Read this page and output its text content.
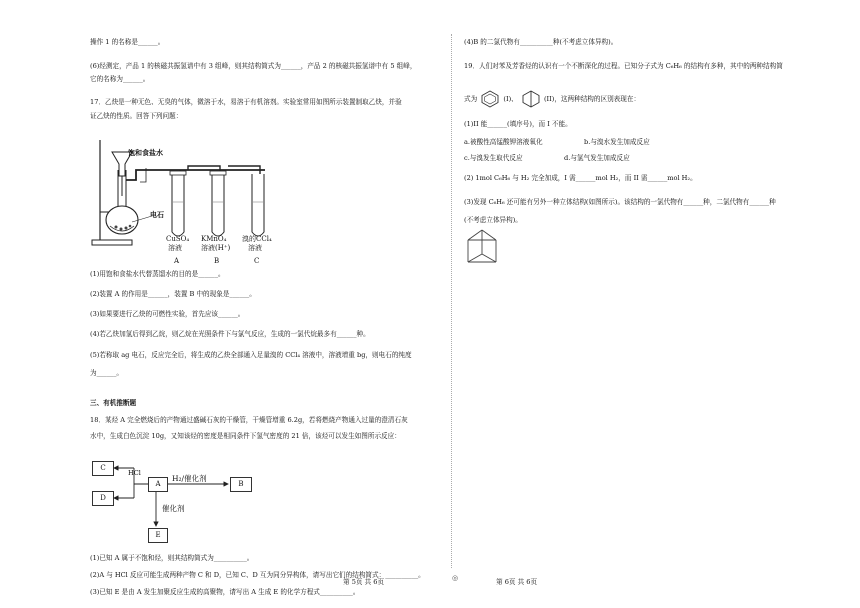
操作 1 的名称是______。
(6)经测定，产品 1 的核磁共振氢谱中有 3 组峰，则其结构简式为______，产品 2 的核磁共振氢谱中有 5 组峰，
它的名称为______。
17．乙炔是一种无色、无臭的气体，微溶于水，易溶于有机溶剂。实验室常用如图所示装置制取乙炔，并验
证乙炔的性质。回答下列问题：
饱和食盐水
电石
CuSO₄
溶液
KMnO₄
溶液(H⁺)
溴的CCl₄
溶液
A	B	C
(1)用饱和食盐水代替蒸馏水的目的是______。
(2)装置 A 的作用是______，装置 B 中的现象是______。
(3)如果要进行乙炔的可燃性实验，首先应该______。
(4)若乙炔加氢后得到乙烷，则乙烷在光照条件下与氯气反应，生成的一氯代烷最多有______种。
(5)若称取 ag 电石，反应完全后，将生成的乙炔全部通入足量溴的 CCl₄ 溶液中，溶液增重 bg，则电石的纯度
为______。
三、有机推断题
18．某烃 A 完全燃烧后的产物通过盛碱石灰的干燥管，干燥管增重 6.2g，若将燃烧产物通入过量的澄清石灰
水中，生成白色沉淀 10g，又知该烃的密度是相同条件下氢气密度的 21 倍，该烃可以发生如图所示反应：
C
D
A	B
E
HCl
H₂/催化剂
催化剂
(1)已知 A 属于不饱和烃，则其结构简式为__________。
(2)A 与 HCl 反应可能生成两种产物 C 和 D，已知 C、D 互为同分异构体，请写出它们的结构简式：__________。
(3)已知 E 是由 A 发生加聚反应生成的高聚物，请写出 A 生成 E 的化学方程式__________。
(4)B 的二氯代物有__________种(不考虑立体异构)。
19．人们对苯及芳香烃的认识有一个不断深化的过程。已知分子式为 C₆H₆ 的结构有多种，其中的两种结构简
式为	(I)、	(II)，这两种结构的区别表现在：
(1)II 能______(填序号)，而 I 不能。
a.被酸性高锰酸钾溶液氧化	b.与溴水发生加成反应
c.与溴发生取代反应	d.与氢气发生加成反应
(2) 1mol C₆H₆ 与 H₂ 完全加成，I 需______mol H₂，而 II 需______mol H₂。
(3)发现 C₆H₆ 还可能有另外一种立体结构(如图所示)。该结构的一氯代物有______种，二氯代物有______种
(不考虑立体异构)。
第 5页 共 6页	◎	第 6页 共 6页
